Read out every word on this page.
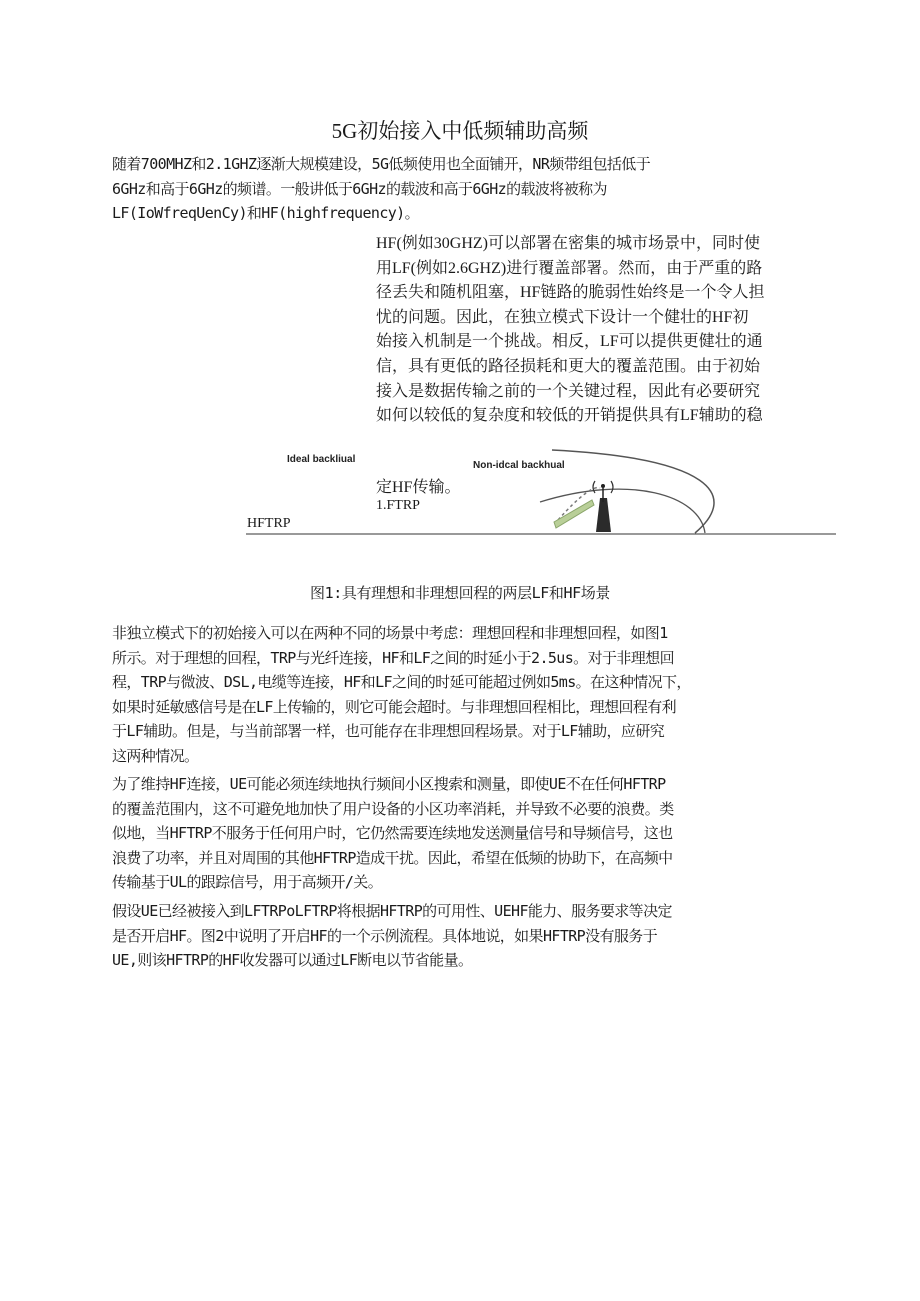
5G初始接入中低频辅助高频
随着700MHZ和2.1GHZ逐渐大规模建设，5G低频使用也全面铺开，NR频带组包括低于
6GHz和高于6GHz的频谱。一般讲低于6GHz的载波和高于6GHz的载波将被称为
LF(IoWfreqUenCy)和HF(highfrequency)。
HF(例如30GHZ)可以部署在密集的城市场景中，同时使
用LF(例如2.6GHZ)进行覆盖部署。然而，由于严重的路
径丢失和随机阻塞，HF链路的脆弱性始终是一个令人担
忧的问题。因此，在独立模式下设计一个健壮的HF初
始接入机制是一个挑战。相反，LF可以提供更健壮的通
信，具有更低的路径损耗和更大的覆盖范围。由于初始
接入是数据传输之前的一个关键过程，因此有必要研究
如何以较低的复杂度和较低的开销提供具有LF辅助的稳
Ideal backliual
Non-idcal backhual
定HF传输。
1.FTRP
HFTRP
图1:具有理想和非理想回程的两层LF和HF场景
非独立模式下的初始接入可以在两种不同的场景中考虑：理想回程和非理想回程，如图1
所示。对于理想的回程，TRP与光纤连接，HF和LF之间的时延小于2.5us。对于非理想回
程，TRP与微波、DSL,电缆等连接，HF和LF之间的时延可能超过例如5ms。在这种情况下，
如果时延敏感信号是在LF上传输的，则它可能会超时。与非理想回程相比，理想回程有利
于LF辅助。但是，与当前部署一样，也可能存在非理想回程场景。对于LF辅助，应研究
这两种情况。
为了维持HF连接，UE可能必须连续地执行频间小区搜索和测量，即使UE不在任何HFTRP
的覆盖范围内，这不可避免地加快了用户设备的小区功率消耗，并导致不必要的浪费。类
似地，当HFTRP不服务于任何用户时，它仍然需要连续地发送测量信号和导频信号，这也
浪费了功率，并且对周围的其他HFTRP造成干扰。因此，希望在低频的协助下，在高频中
传输基于UL的跟踪信号，用于高频开/关。
假设UE已经被接入到LFTRPoLFTRP将根据HFTRP的可用性、UEHF能力、服务要求等决定
是否开启HF。图2中说明了开启HF的一个示例流程。具体地说，如果HFTRP没有服务于
UE,则该HFTRP的HF收发器可以通过LF断电以节省能量。
